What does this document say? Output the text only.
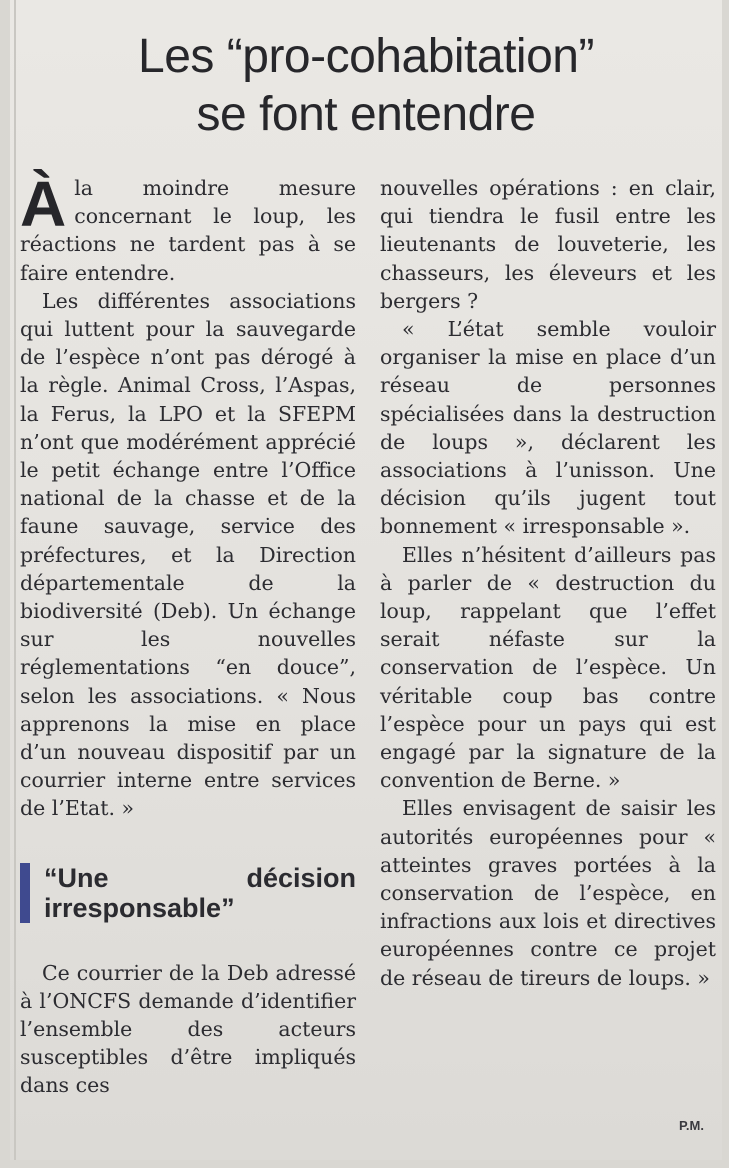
Les “pro-cohabitation”
se font entendre

Àla moindre mesure concernant le loup, les réactions ne tardent pas à se faire entendre.

Les différentes associations qui luttent pour la sauvegarde de l’espèce n’ont pas dérogé à la règle. Animal Cross, l’Aspas, la Ferus, la LPO et la SFEPM n’ont que modérément apprécié le petit échange entre l’Office national de la chasse et de la faune sauvage, service des préfectures, et la Direction départementale de la biodiversité (Deb). Un échange sur les nouvelles réglementations “en douce”, selon les associations. « Nous apprenons la mise en place d’un nouveau dispositif par un courrier interne entre services de l’Etat. »

“Une décision irresponsable”

Ce courrier de la Deb adressé à l’ONCFS demande d’identifier l’ensemble des acteurs susceptibles d’être impliqués dans ces

nouvelles opérations : en clair, qui tiendra le fusil entre les lieutenants de louveterie, les chasseurs, les éleveurs et les bergers ?

« L’état semble vouloir organiser la mise en place d’un réseau de personnes spécialisées dans la destruction de loups », déclarent les associations à l’unisson. Une décision qu’ils jugent tout bonnement « irresponsable ».

Elles n’hésitent d’ailleurs pas à parler de « destruction du loup, rappelant que l’effet serait néfaste sur la conservation de l’espèce. Un véritable coup bas contre l’espèce pour un pays qui est engagé par la signature de la convention de Berne. »

Elles envisagent de saisir les autorités européennes pour « atteintes graves portées à la conservation de l’espèce, en infractions aux lois et directives européennes contre ce projet de réseau de tireurs de loups. »

P.M.
